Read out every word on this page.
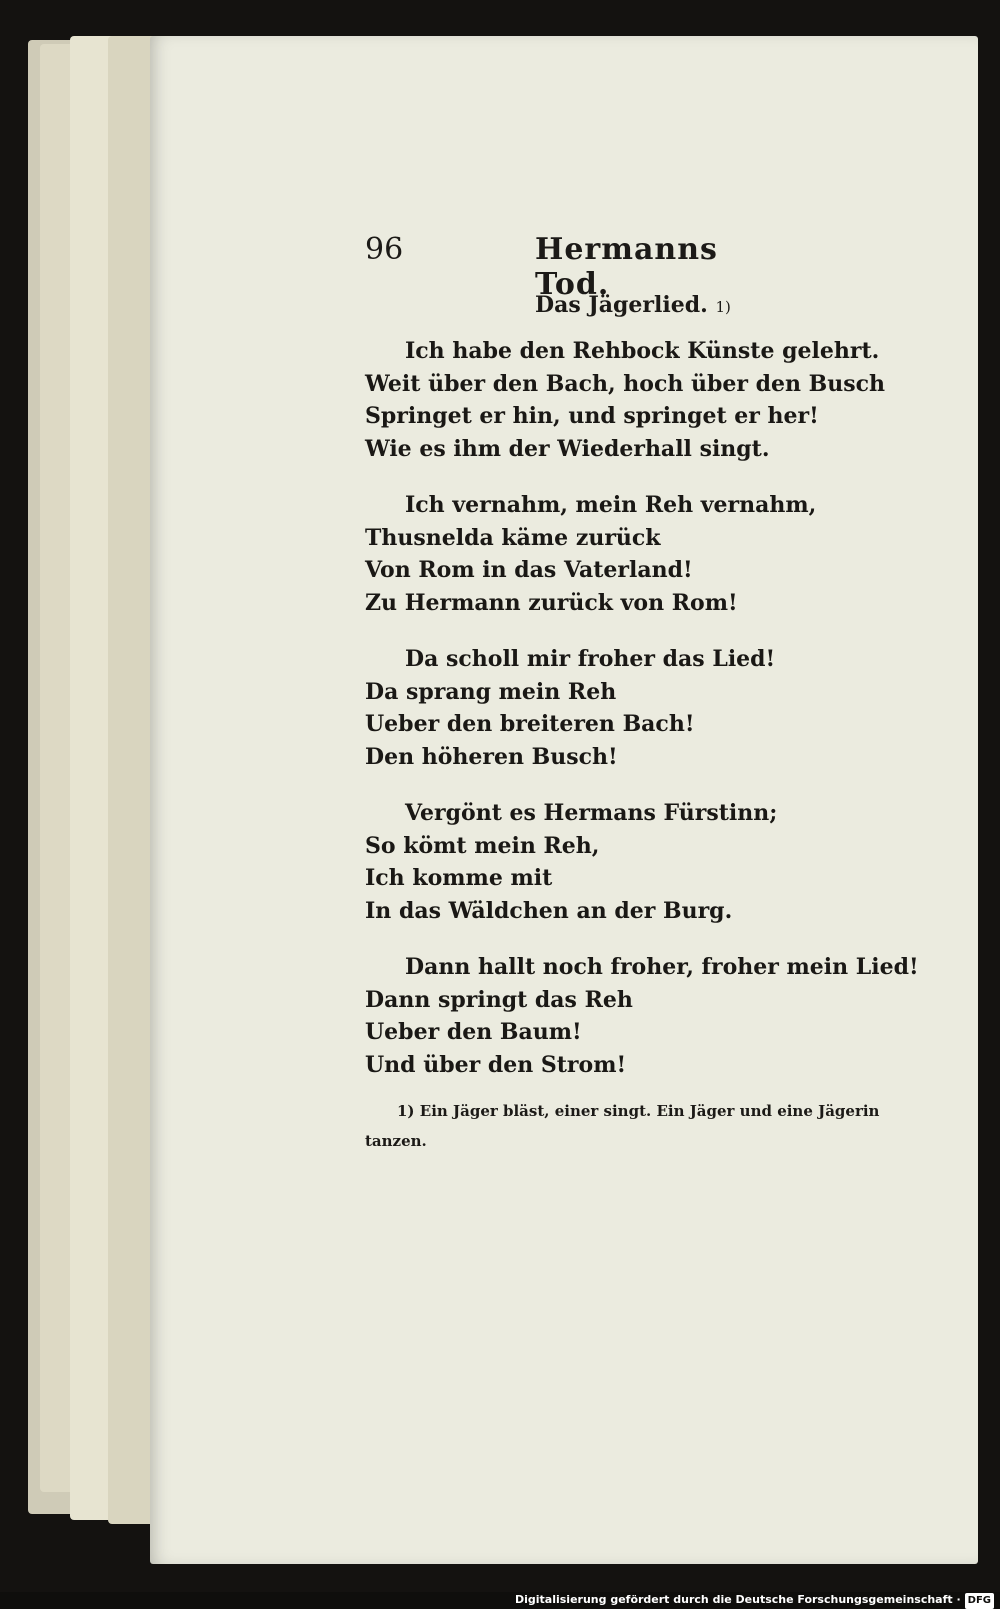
96	Hermanns Tod.
Das Jägerlied. 1)
Ich habe den Rehbock Künste gelehrt.
Weit über den Bach, hoch über den Busch
Springet er hin, und springet er her!
Wie es ihm der Wiederhall singt.
Ich vernahm, mein Reh vernahm,
Thusnelda käme zurück
Von Rom in das Vaterland!
Zu Hermann zurück von Rom!
Da scholl mir froher das Lied!
Da sprang mein Reh
Ueber den breiteren Bach!
Den höheren Busch!
Vergönt es Hermans Fürstinn;
So kömt mein Reh,
Ich komme mit
In das Wäldchen an der Burg.
Dann hallt noch froher, froher mein Lied!
Dann springt das Reh
Ueber den Baum!
Und über den Strom!
1) Ein Jäger bläst, einer singt. Ein Jäger und eine Jägerin tanzen.
Digitalisierung gefördert durch die Deutsche Forschungsgemeinschaft · DFG
